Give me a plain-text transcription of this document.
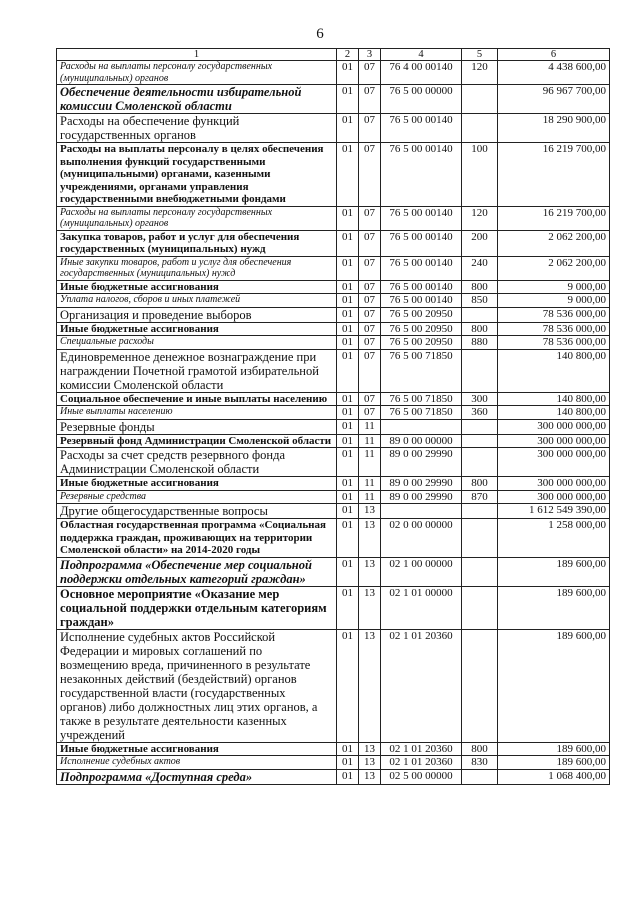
6
1	2	3	4	5	6
Расходы на выплаты персоналу государственных (муниципальных) органов	01	07	76 4 00 00140	120	4 438 600,00
Обеспечение деятельности избирательной комиссии Смоленской области	01	07	76 5 00 00000		96 967 700,00
Расходы на обеспечение функций государственных органов	01	07	76 5 00 00140		18 290 900,00
Расходы на выплаты персоналу в целях обеспечения выполнения функций государственными (муниципальными) органами, казенными учреждениями, органами управления государственными внебюджетными фондами	01	07	76 5 00 00140	100	16 219 700,00
Расходы на выплаты персоналу государственных (муниципальных) органов	01	07	76 5 00 00140	120	16 219 700,00
Закупка товаров, работ и услуг для обеспечения государственных (муниципальных) нужд	01	07	76 5 00 00140	200	2 062 200,00
Иные закупки товаров, работ и услуг для обеспечения государственных (муниципальных) нужд	01	07	76 5 00 00140	240	2 062 200,00
Иные бюджетные ассигнования	01	07	76 5 00 00140	800	9 000,00
Уплата налогов, сборов и иных платежей	01	07	76 5 00 00140	850	9 000,00
Организация и проведение выборов	01	07	76 5 00 20950		78 536 000,00
Иные бюджетные ассигнования	01	07	76 5 00 20950	800	78 536 000,00
Специальные расходы	01	07	76 5 00 20950	880	78 536 000,00
Единовременное денежное вознаграждение при награждении Почетной грамотой избирательной комиссии Смоленской области	01	07	76 5 00 71850		140 800,00
Социальное обеспечение и иные выплаты населению	01	07	76 5 00 71850	300	140 800,00
Иные выплаты населению	01	07	76 5 00 71850	360	140 800,00
Резервные фонды	01	11			300 000 000,00
Резервный фонд Администрации Смоленской области	01	11	89 0 00 00000		300 000 000,00
Расходы за счет средств резервного фонда Администрации Смоленской области	01	11	89 0 00 29990		300 000 000,00
Иные бюджетные ассигнования	01	11	89 0 00 29990	800	300 000 000,00
Резервные средства	01	11	89 0 00 29990	870	300 000 000,00
Другие общегосударственные вопросы	01	13			1 612 549 390,00
Областная государственная программа «Социальная поддержка граждан, проживающих на территории Смоленской области» на 2014-2020 годы	01	13	02 0 00 00000		1 258 000,00
Подпрограмма «Обеспечение мер социальной поддержки отдельных категорий граждан»	01	13	02 1 00 00000		189 600,00
Основное мероприятие «Оказание мер социальной поддержки отдельным категориям граждан»	01	13	02 1 01 00000		189 600,00
Исполнение судебных актов Российской Федерации и мировых соглашений по возмещению вреда, причиненного в результате незаконных действий (бездействий) органов государственной власти (государственных органов) либо должностных лиц этих органов, а также в результате деятельности казенных учреждений	01	13	02 1 01 20360		189 600,00
Иные бюджетные ассигнования	01	13	02 1 01 20360	800	189 600,00
Исполнение судебных актов	01	13	02 1 01 20360	830	189 600,00
Подпрограмма «Доступная среда»	01	13	02 5 00 00000		1 068 400,00
